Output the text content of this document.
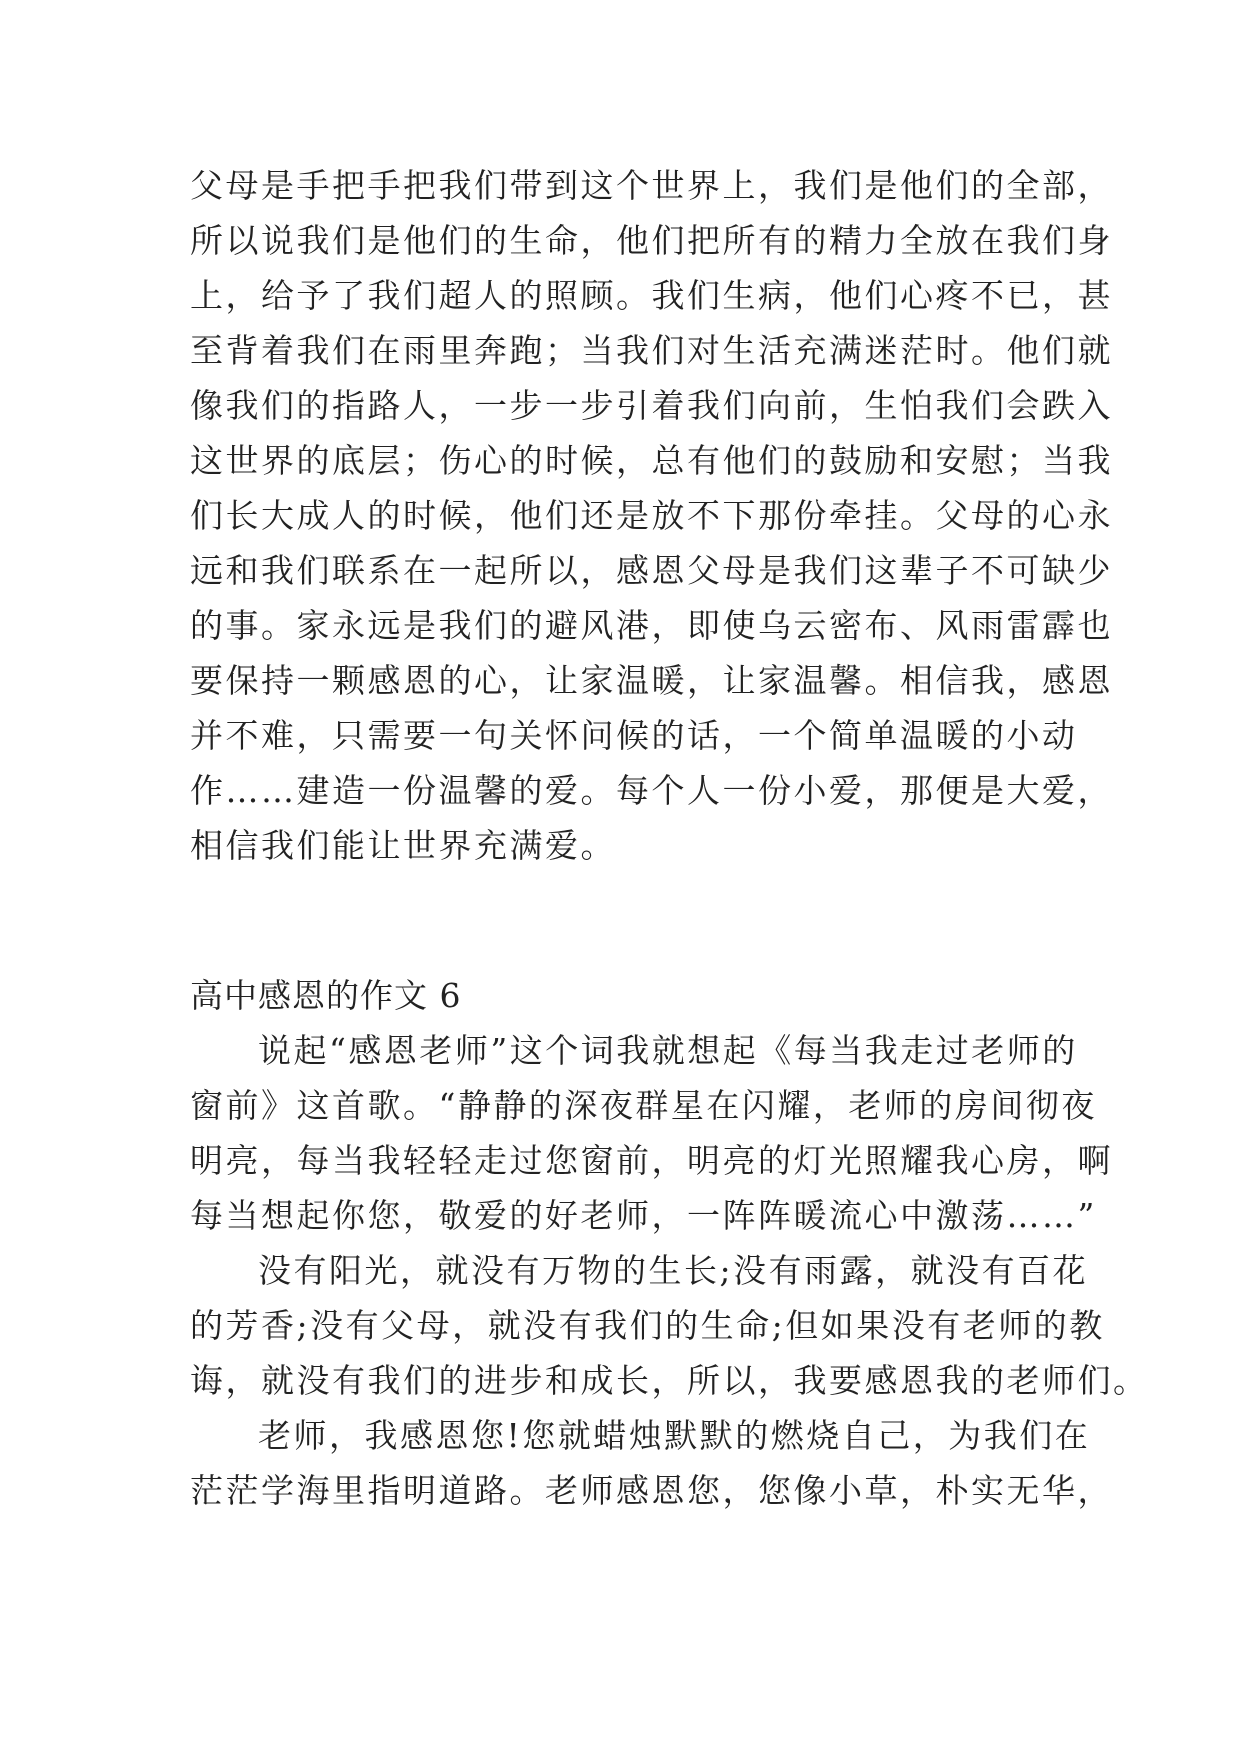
父母是手把手把我们带到这个世界上，我们是他们的全部，
所以说我们是他们的生命，他们把所有的精力全放在我们身
上，给予了我们超人的照顾。我们生病，他们心疼不已，甚
至背着我们在雨里奔跑；当我们对生活充满迷茫时。他们就
像我们的指路人，一步一步引着我们向前，生怕我们会跌入
这世界的底层；伤心的时候，总有他们的鼓励和安慰；当我
们长大成人的时候，他们还是放不下那份牵挂。父母的心永
远和我们联系在一起所以，感恩父母是我们这辈子不可缺少
的事。家永远是我们的避风港，即使乌云密布、风雨雷霹也
要保持一颗感恩的心，让家温暖，让家温馨。相信我，感恩
并不难，只需要一句关怀问候的话，一个简单温暖的小动
作……建造一份温馨的爱。每个人一份小爱，那便是大爱，
相信我们能让世界充满爱。
高中感恩的作文 6
说起“感恩老师”这个词我就想起《每当我走过老师的
窗前》这首歌。“静静的深夜群星在闪耀，老师的房间彻夜
明亮，每当我轻轻走过您窗前，明亮的灯光照耀我心房，啊
每当想起你您，敬爱的好老师，一阵阵暖流心中激荡……”
没有阳光，就没有万物的生长;没有雨露，就没有百花
的芳香;没有父母，就没有我们的生命;但如果没有老师的教
诲，就没有我们的进步和成长，所以，我要感恩我的老师们。
老师，我感恩您!您就蜡烛默默的燃烧自己，为我们在
茫茫学海里指明道路。老师感恩您，您像小草，朴实无华，
